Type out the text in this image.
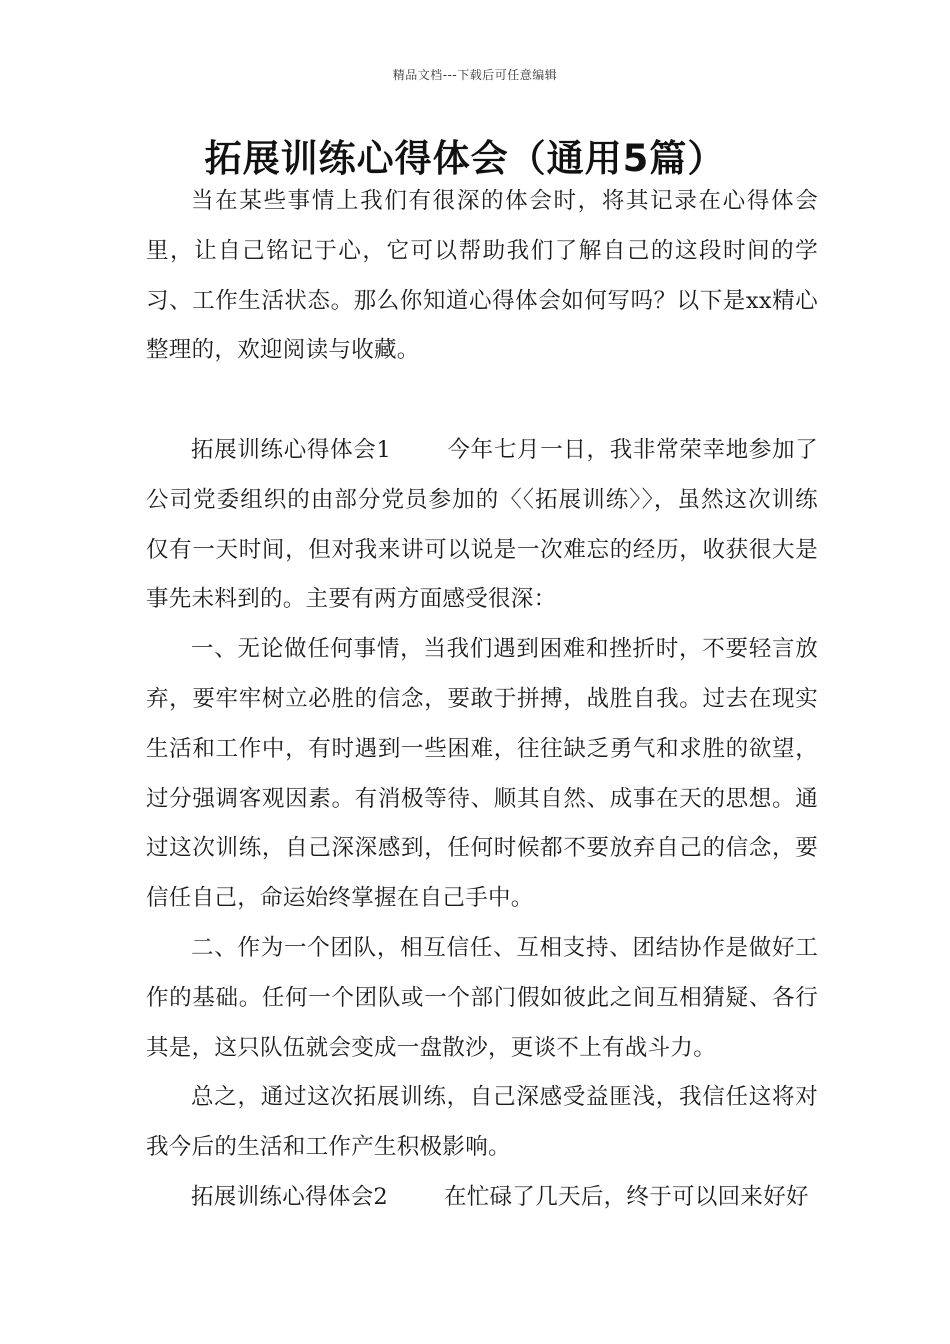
精品文档---下载后可任意编辑
拓展训练心得体会（通用5篇）

当在某些事情上我们有很深的体会时，将其记录在心得体会里，让自己铭记于心，它可以帮助我们了解自己的这段时间的学习、工作生活状态。那么你知道心得体会如何写吗？以下是xx精心整理的，欢迎阅读与收藏。

拓展训练心得体会1 今年七月一日，我非常荣幸地参加了公司党委组织的由部分党员参加的〈〈拓展训练〉〉，虽然这次训练仅有一天时间，但对我来讲可以说是一次难忘的经历，收获很大是事先未料到的。主要有两方面感受很深：

一、无论做任何事情，当我们遇到困难和挫折时，不要轻言放弃，要牢牢树立必胜的信念，要敢于拼搏，战胜自我。过去在现实生活和工作中，有时遇到一些困难，往往缺乏勇气和求胜的欲望，过分强调客观因素。有消极等待、顺其自然、成事在天的思想。通过这次训练，自己深深感到，任何时候都不要放弃自己的信念，要信任自己，命运始终掌握在自己手中。

二、作为一个团队，相互信任、互相支持、团结协作是做好工作的基础。任何一个团队或一个部门假如彼此之间互相猜疑、各行其是，这只队伍就会变成一盘散沙，更谈不上有战斗力。

总之，通过这次拓展训练，自己深感受益匪浅，我信任这将对我今后的生活和工作产生积极影响。

拓展训练心得体会2 在忙碌了几天后，终于可以回来好好
